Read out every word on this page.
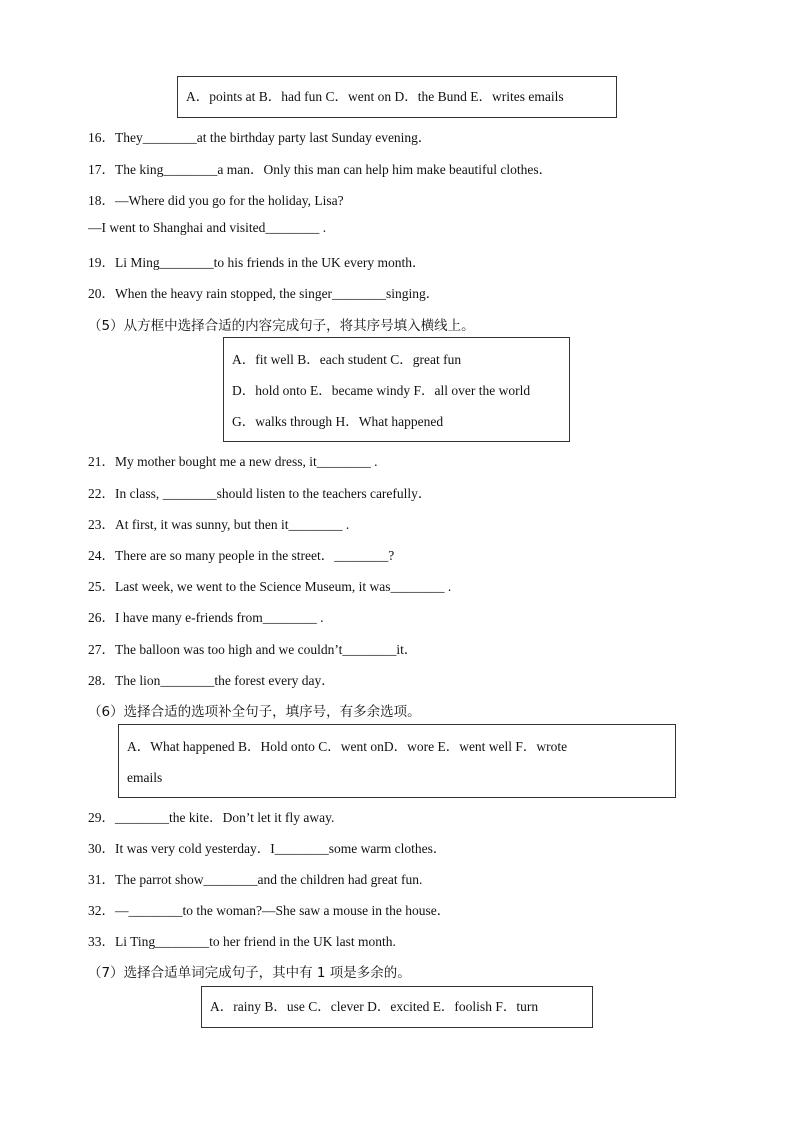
A．points at B．had fun C．went on D．the Bund E．writes emails
16．They________at the birthday party last Sunday evening．
17．The king________a man．Only this man can help him make beautiful clothes．
18．—Where did you go for the holiday, Lisa?
—I went to Shanghai and visited________ .
19．Li Ming________to his friends in the UK every month．
20．When the heavy rain stopped, the singer________singing．
（5）从方框中选择合适的内容完成句子，将其序号填入横线上。
A．fit well B．each student C．great fun
D．hold onto E．became windy F．all over the world
G．walks through H．What happened
21．My mother bought me a new dress, it________ .
22．In class, ________should listen to the teachers carefully．
23．At first, it was sunny, but then it________ .
24．There are so many people in the street．________?
25．Last week, we went to the Science Museum, it was________ .
26．I have many e-friends from________ .
27．The balloon was too high and we couldn’t________it．
28．The lion________the forest every day．
（6）选择合适的选项补全句子，填序号，有多余选项。
A．What happened B．Hold onto C．went onD．wore E．went well F．wrote
emails
29．________the kite．Don’t let it fly away.
30．It was very cold yesterday．I________some warm clothes．
31．The parrot show________and the children had great fun.
32．—________to the woman?—She saw a mouse in the house．
33．Li Ting________to her friend in the UK last month.
（7）选择合适单词完成句子，其中有 1 项是多余的。
A．rainy B．use C．clever D．excited E．foolish F．turn
